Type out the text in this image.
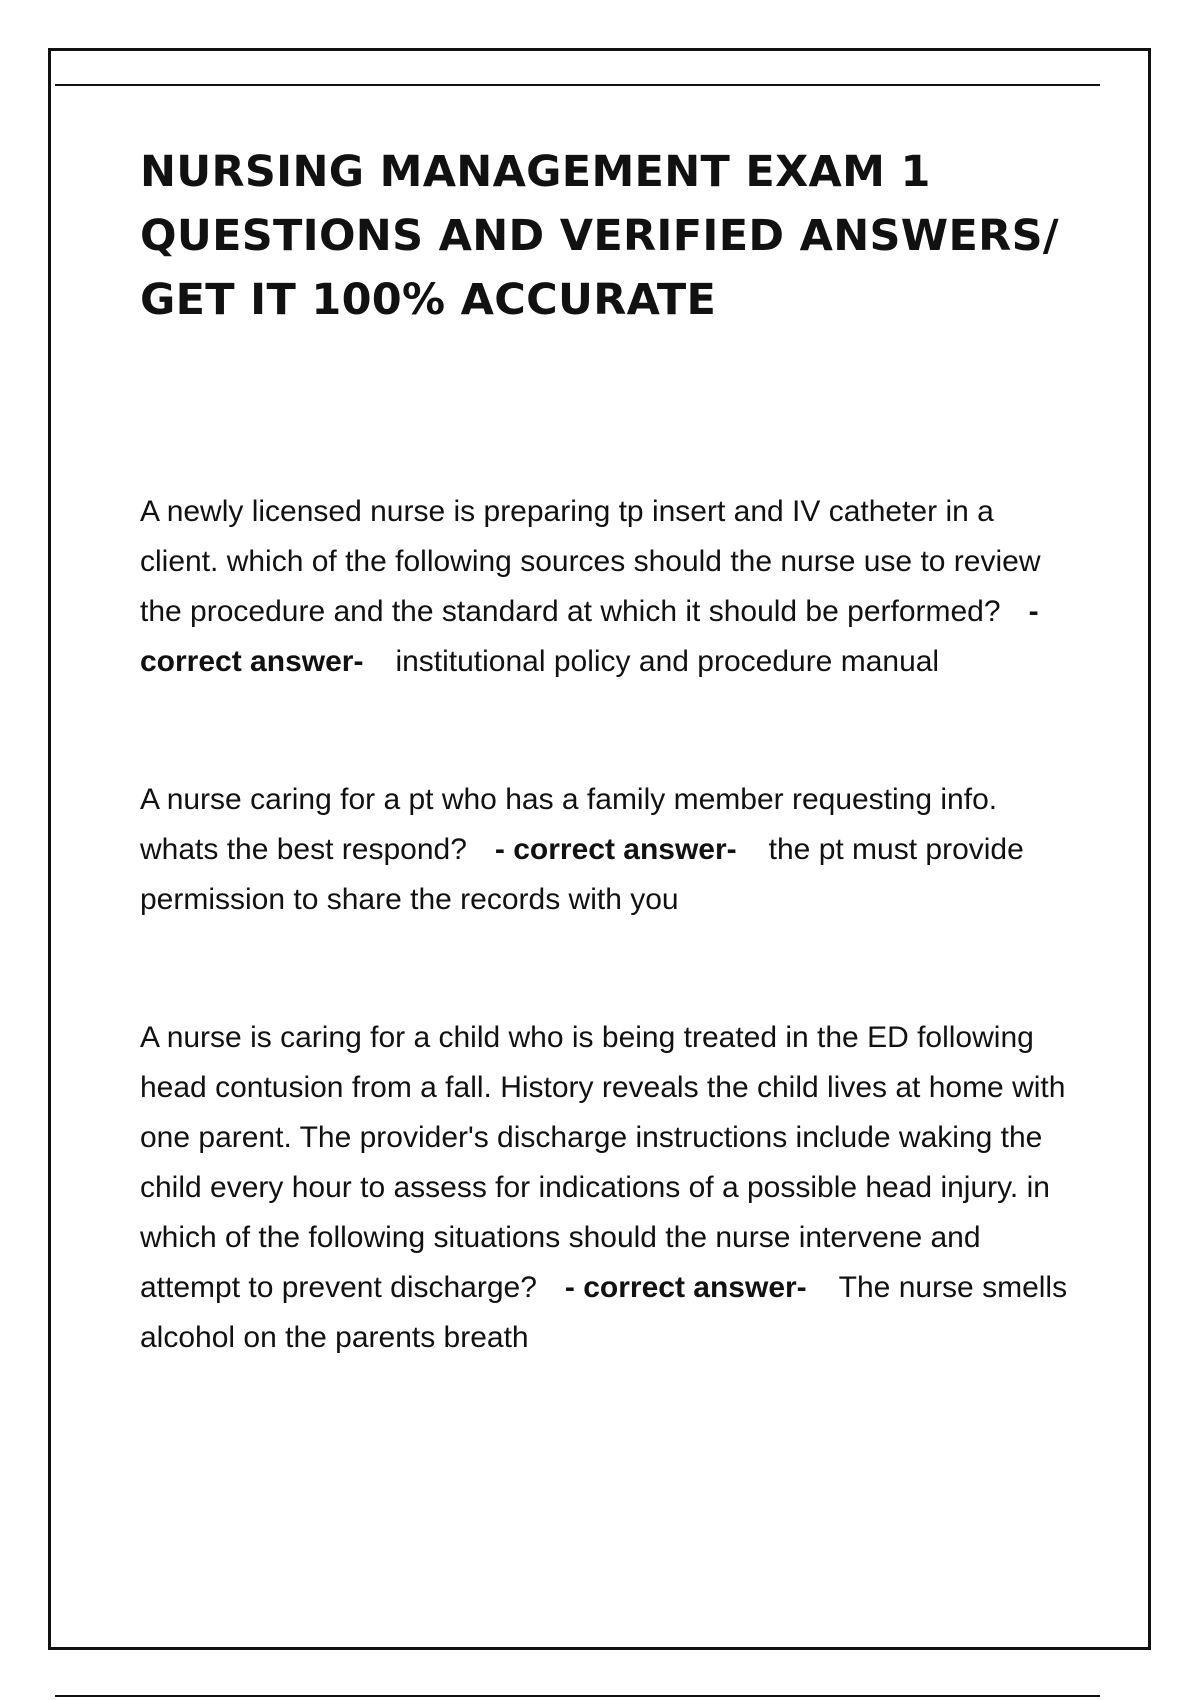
NURSING MANAGEMENT EXAM 1 QUESTIONS AND VERIFIED ANSWERS/ GET IT 100% ACCURATE

A newly licensed nurse is preparing tp insert and IV catheter in a client. which of the following sources should the nurse use to review the procedure and the standard at which it should be performed? - correct answer- institutional policy and procedure manual

A nurse caring for a pt who has a family member requesting info. whats the best respond? - correct answer- the pt must provide permission to share the records with you

A nurse is caring for a child who is being treated in the ED following head contusion from a fall. History reveals the child lives at home with one parent. The provider's discharge instructions include waking the child every hour to assess for indications of a possible head injury. in which of the following situations should the nurse intervene and attempt to prevent discharge? - correct answer- The nurse smells alcohol on the parents breath
